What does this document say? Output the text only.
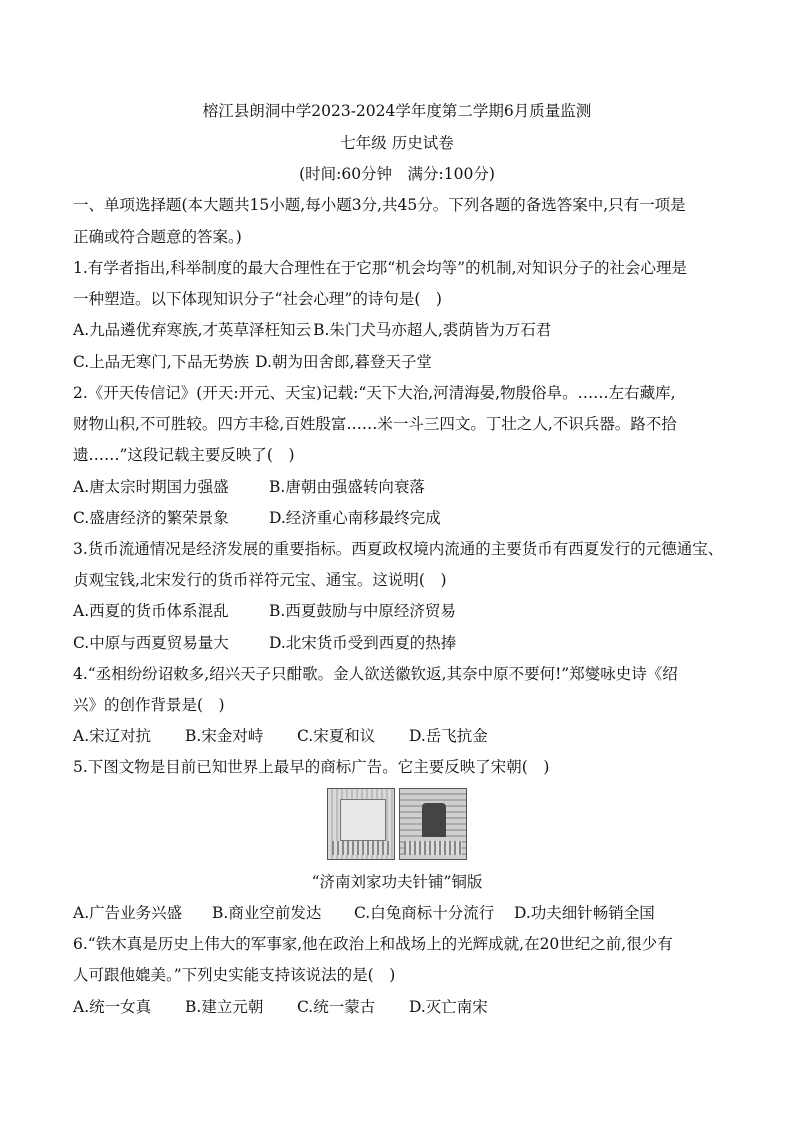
榕江县朗洞中学2023-2024学年度第二学期6月质量监测
七年级 历史试卷
(时间:60分钟　满分:100分)
一、单项选择题(本大题共15小题,每小题3分,共45分。下列各题的备选答案中,只有一项是
正确或符合题意的答案。)
1.有学者指出,科举制度的最大合理性在于它那“机会均等”的机制,对知识分子的社会心理是
一种塑造。以下体现知识分子“社会心理”的诗句是(　)
A.九品遴优弃寒族,才英草泽枉知云 B.朱门犬马亦超人,裘荫皆为万石君
C.上品无寒门,下品无势族 D.朝为田舍郎,暮登天子堂
2.《开天传信记》(开天:开元、天宝)记载:“天下大治,河清海晏,物殷俗阜。……左右藏库,
财物山积,不可胜较。四方丰稔,百姓殷富……米一斗三四文。丁壮之人,不识兵器。路不拾
遗……”这段记载主要反映了(　)
A.唐太宗时期国力强盛	B.唐朝由强盛转向衰落
C.盛唐经济的繁荣景象	D.经济重心南移最终完成
3.货币流通情况是经济发展的重要指标。西夏政权境内流通的主要货币有西夏发行的元德通宝、
贞观宝钱,北宋发行的货币祥符元宝、通宝。这说明(　)
A.西夏的货币体系混乱	B.西夏鼓励与中原经济贸易
C.中原与西夏贸易量大	D.北宋货币受到西夏的热捧
4.“丞相纷纷诏敕多,绍兴天子只酣歌。金人欲送徽钦返,其奈中原不要何!”郑燮咏史诗《绍
兴》的创作背景是(　)
A.宋辽对抗 B.宋金对峙 C.宋夏和议 D.岳飞抗金
5.下图文物是目前已知世界上最早的商标广告。它主要反映了宋朝(　)
“济南刘家功夫针铺”铜版
A.广告业务兴盛 B.商业空前发达 C.白兔商标十分流行 D.功夫细针畅销全国
6.“铁木真是历史上伟大的军事家,他在政治上和战场上的光辉成就,在20世纪之前,很少有
人可跟他媲美。”下列史实能支持该说法的是(　)
A.统一女真 B.建立元朝 C.统一蒙古 D.灭亡南宋
